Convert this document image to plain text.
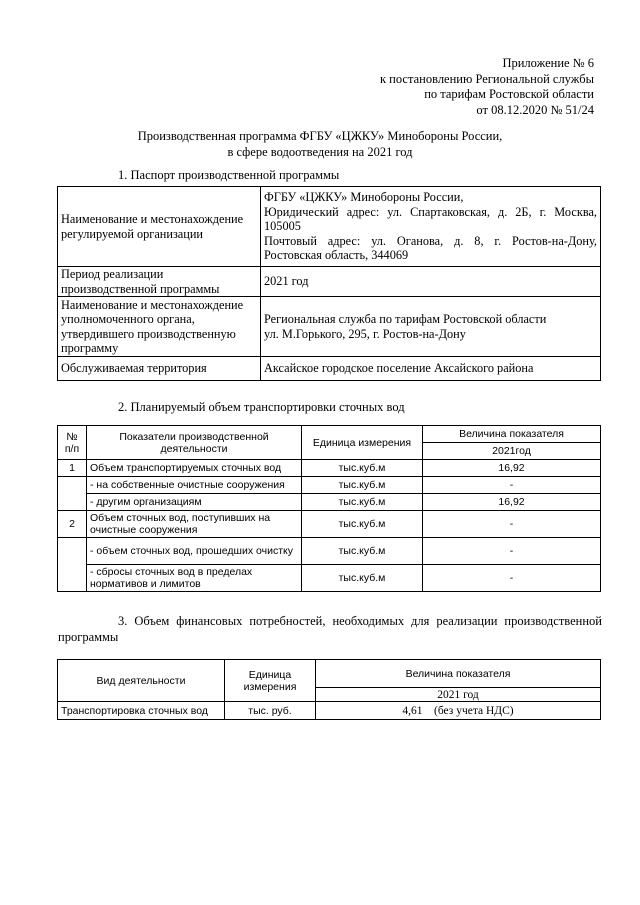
Приложение № 6
к постановлению Региональной службы
по тарифам Ростовской области
от 08.12.2020 № 51/24
Производственная программа ФГБУ «ЦЖКУ» Минобороны России,
в сфере водоотведения на 2021 год
1. Паспорт производственной программы
Наименование и местонахождение регулируемой организации	ФГБУ «ЦЖКУ» Минобороны России,
Юридический адрес: ул. Спартаковская, д. 2Б, г. Москва, 105005
Почтовый адрес: ул. Оганова, д. 8, г. Ростов-на-Дону, Ростовская область, 344069

Период реализации производственной программы	2021 год

Наименование и местонахождение уполномоченного органа, утвердившего производственную программу	Региональная служба по тарифам Ростовской области
ул. М.Горького, 295, г. Ростов-на-Дону

Обслуживаемая территория	Аксайское городское поселение Аксайского района
2. Планируемый объем транспортировки сточных вод
№ п/п	Показатели производственной деятельности	Единица измерения	Величина показателя
			2021год
1	Объем транспортируемых сточных вод	тыс.куб.м	16,92
	- на собственные очистные сооружения	тыс.куб.м	-
	- другим организациям	тыс.куб.м	16,92
2	Объем сточных вод, поступивших на очистные сооружения	тыс.куб.м	-
	- объем сточных вод, прошедших очистку	тыс.куб.м	-
	- сбросы сточных вод в пределах нормативов и лимитов	тыс.куб.м	-
3. Объем финансовых потребностей, необходимых для реализации производственной программы
Вид деятельности	Единица измерения	Величина показателя
		2021 год
Транспортировка сточных вод	тыс. руб.	4,61    (без учета НДС)
